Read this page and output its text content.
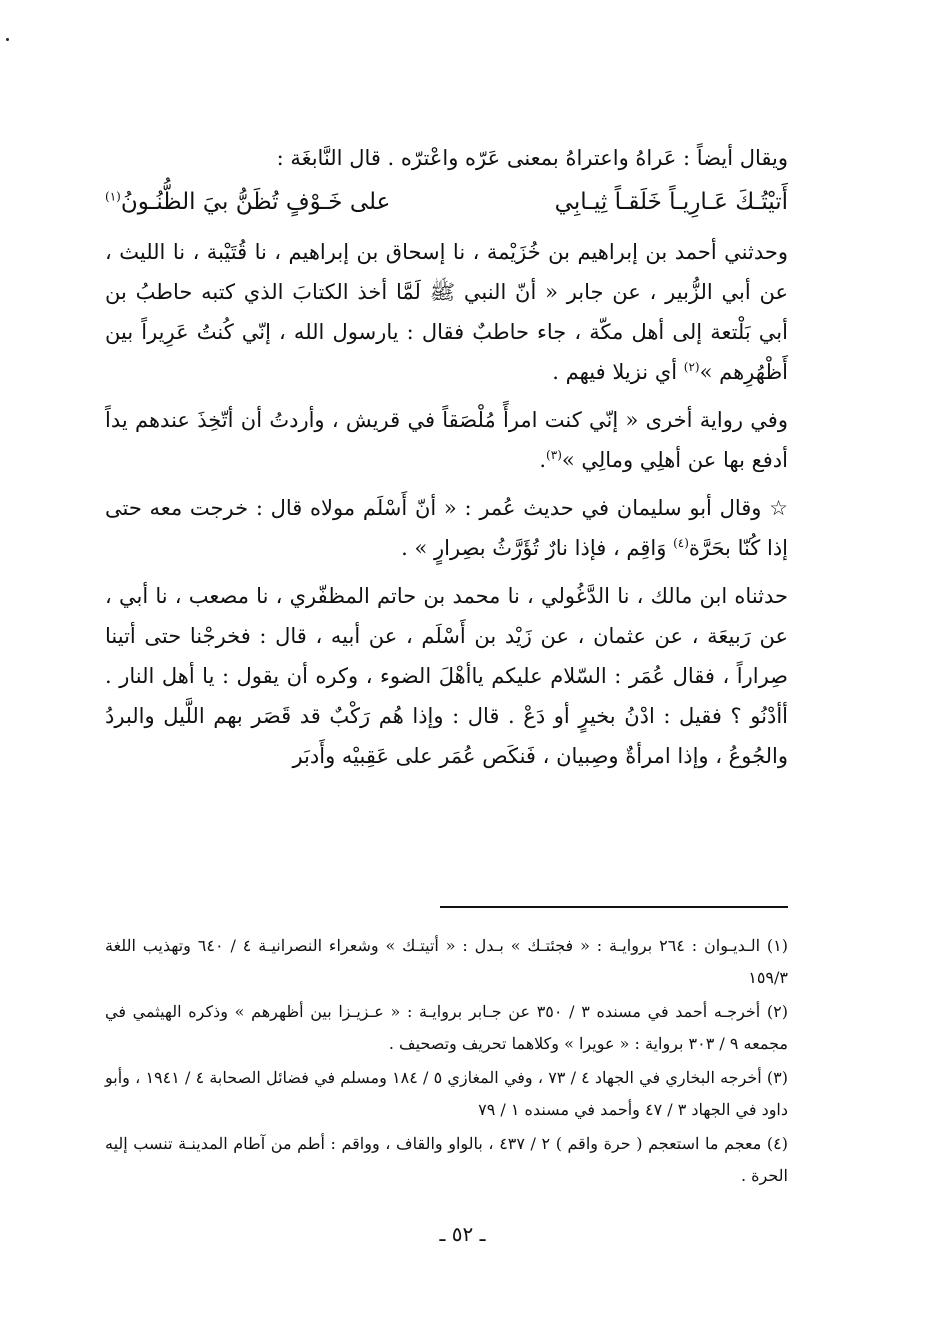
ويقال أيضاً : عَراهُ واعتراهُ بمعنى عَرّه واعْترّه . قال النَّابغَة :

أَتيْتُـكَ عَـارِيـاً خَلَقـاً ثِيـابِي
على خَـوْفٍ تُظَنُّ بيَ الظُّنُـونُ$^{(١)}$

وحدثني أحمد بن إبراهيم بن خُزَيْمة ، نا إسحاق بن إبراهيم ، نا قُتَيْبة ، نا الليث ، عن أبي الزُّبير ، عن جابر « أنّ النبي ﷺ لَمَّا أخذ الكتابَ الذي كتبه حاطبُ بن أبي بَلْتعة إلى أهل مكّة ، جاء حاطبٌ فقال : يارسول الله ، إنّي كُنتُ عَرِيراً بين أَظْهُرِهم »$^{(٢)}$ أي نزيلا فيهم .

وفي رواية أخرى « إنّي كنت امرأً مُلْصَقاً في قريش ، وأردتُ أن أتّخِذَ عندهم يداً أدفع بها عن أهلِي ومالِي »$^{(٣)}$.

☆ وقال أبو سليمان في حديث عُمر : « أنّ أَسْلَم مولاه قال : خرجت معه حتى إذا كُنّا بحَرَّة$^{(٤)}$ وَاقِم ، فإذا نارٌ تُؤَرَّثُ بصِرارٍ » .

حدثناه ابن مالك ، نا الدَّغُولي ، نا محمد بن حاتم المظفّري ، نا مصعب ، نا أبي ، عن رَبيعَة ، عن عثمان ، عن زَيْد بن أَسْلَم ، عن أبيه ، قال : فخرجْنا حتى أتينا صِراراً ، فقال عُمَر : السّلام عليكم ياأهْلَ الضوء ، وكره أن يقول : يا أهل النار . أأدْنُو ؟ فقيل : ادْنُ بخيرٍ أو دَعْ . قال : وإذا هُم رَكْبٌ قد قَصَر بهم اللَّيل والبردُ والجُوعُ ، وإذا امرأةٌ وصِبيان ، فَنكَص عُمَر على عَقِبيْه وأَدبَر

(١) الـديـوان : ٢٦٤ بروايـة : « فجئتـك » بـدل : « أتيتـك » وشعراء النصرانيـة ٤ / ٦٤٠ وتهذيب اللغة ١٥٩/٣

(٢) أخرجـه أحمد في مسنده ٣ / ٣٥٠ عن جـابر بروايـة : « عـزيـزا بين أظهرهم » وذكره الهيثمي في مجمعه ٩ / ٣٠٣ برواية : « عويرا » وكلاهما تحريف وتصحيف .

(٣) أخرجه البخاري في الجهاد ٤ / ٧٣ ، وفي المغازي ٥ / ١٨٤ ومسلم في فضائل الصحابة ٤ / ١٩٤١ ، وأبو داود في الجهاد ٣ / ٤٧ وأحمد في مسنده ١ / ٧٩

(٤) معجم ما استعجم ( حرة واقم ) ٢ / ٤٣٧ ، بالواو والقاف ، وواقم : أطم من آطام المدينـة تنسب إليه الحرة .

ـ ٥٢ ـ
